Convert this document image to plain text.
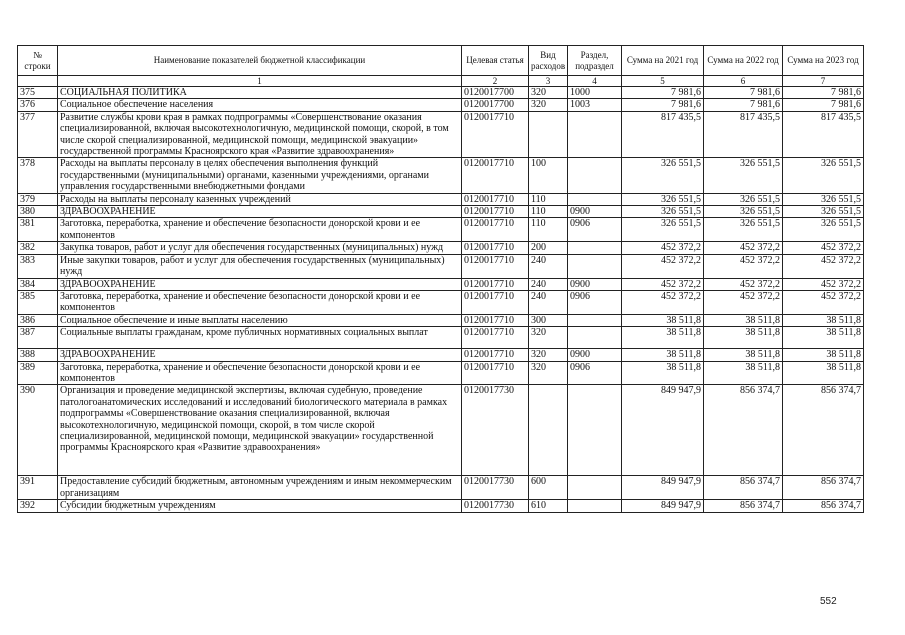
№ строки	Наименование показателей бюджетной классификации	Целевая статья	Вид расходов	Раздел, подраздел	Сумма на 2021 год	Сумма на 2022 год	Сумма на 2023 год
	1	2	3	4	5	6	7
375	СОЦИАЛЬНАЯ ПОЛИТИКА	0120017700	320	1000	7 981,6	7 981,6	7 981,6
376	Социальное обеспечение населения	0120017700	320	1003	7 981,6	7 981,6	7 981,6
377	Развитие службы крови края в рамках подпрограммы «Совершенствование оказания специализированной, включая высокотехнологичную, медицинской помощи, скорой, в том числе скорой специализированной, медицинской помощи, медицинской эвакуации» государственной программы Красноярского края «Развитие здравоохранения»	0120017710			817 435,5	817 435,5	817 435,5
378	Расходы на выплаты персоналу в целях обеспечения выполнения функций государственными (муниципальными) органами, казенными учреждениями, органами управления государственными внебюджетными фондами	0120017710	100		326 551,5	326 551,5	326 551,5
379	Расходы на выплаты персоналу казенных учреждений	0120017710	110		326 551,5	326 551,5	326 551,5
380	ЗДРАВООХРАНЕНИЕ	0120017710	110	0900	326 551,5	326 551,5	326 551,5
381	Заготовка, переработка, хранение и обеспечение безопасности донорской крови и ее компонентов	0120017710	110	0906	326 551,5	326 551,5	326 551,5
382	Закупка товаров, работ и услуг для обеспечения государственных (муниципальных) нужд	0120017710	200		452 372,2	452 372,2	452 372,2
383	Иные закупки товаров, работ и услуг для обеспечения государственных (муниципальных) нужд	0120017710	240		452 372,2	452 372,2	452 372,2
384	ЗДРАВООХРАНЕНИЕ	0120017710	240	0900	452 372,2	452 372,2	452 372,2
385	Заготовка, переработка, хранение и обеспечение безопасности донорской крови и ее компонентов	0120017710	240	0906	452 372,2	452 372,2	452 372,2
386	Социальное обеспечение и иные выплаты населению	0120017710	300		38 511,8	38 511,8	38 511,8
387	Социальные выплаты гражданам, кроме публичных нормативных социальных выплат	0120017710	320		38 511,8	38 511,8	38 511,8
388	ЗДРАВООХРАНЕНИЕ	0120017710	320	0900	38 511,8	38 511,8	38 511,8
389	Заготовка, переработка, хранение и обеспечение безопасности донорской крови и ее компонентов	0120017710	320	0906	38 511,8	38 511,8	38 511,8
390	Организация и проведение медицинской экспертизы, включая судебную, проведение патологоанатомических исследований и исследований биологического материала в рамках подпрограммы «Совершенствование оказания специализированной, включая высокотехнологичную, медицинской помощи, скорой, в том числе скорой специализированной, медицинской помощи, медицинской эвакуации» государственной программы Красноярского края «Развитие здравоохранения»	0120017730			849 947,9	856 374,7	856 374,7
391	Предоставление субсидий бюджетным, автономным учреждениям и иным некоммерческим организациям	0120017730	600		849 947,9	856 374,7	856 374,7
392	Субсидии бюджетным учреждениям	0120017730	610		849 947,9	856 374,7	856 374,7
552
